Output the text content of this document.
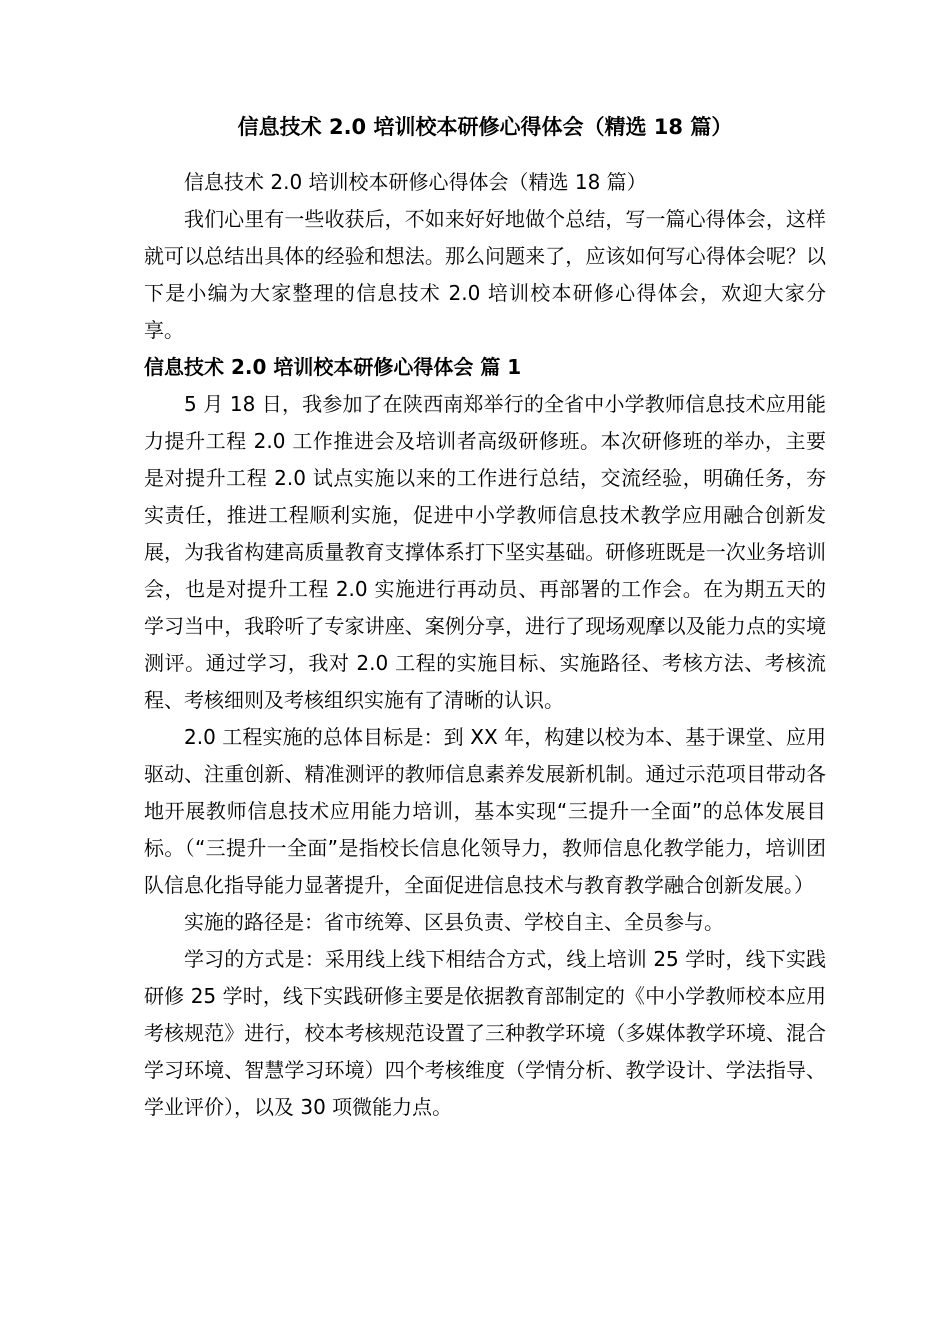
信息技术 2.0 培训校本研修心得体会（精选 18 篇）

信息技术 2.0 培训校本研修心得体会（精选 18 篇）

我们心里有一些收获后，不如来好好地做个总结，写一篇心得体会，这样就可以总结出具体的经验和想法。那么问题来了，应该如何写心得体会呢？以下是小编为大家整理的信息技术 2.0 培训校本研修心得体会，欢迎大家分享。

信息技术 2.0 培训校本研修心得体会 篇 1

5 月 18 日，我参加了在陕西南郑举行的全省中小学教师信息技术应用能力提升工程 2.0 工作推进会及培训者高级研修班。本次研修班的举办，主要是对提升工程 2.0 试点实施以来的工作进行总结，交流经验，明确任务，夯实责任，推进工程顺利实施，促进中小学教师信息技术教学应用融合创新发展，为我省构建高质量教育支撑体系打下坚实基础。研修班既是一次业务培训会，也是对提升工程 2.0 实施进行再动员、再部署的工作会。在为期五天的学习当中，我聆听了专家讲座、案例分享，进行了现场观摩以及能力点的实境测评。通过学习，我对 2.0 工程的实施目标、实施路径、考核方法、考核流程、考核细则及考核组织实施有了清晰的认识。

2.0 工程实施的总体目标是：到 XX 年，构建以校为本、基于课堂、应用驱动、注重创新、精准测评的教师信息素养发展新机制。通过示范项目带动各地开展教师信息技术应用能力培训，基本实现“三提升一全面”的总体发展目标。（“三提升一全面”是指校长信息化领导力，教师信息化教学能力，培训团队信息化指导能力显著提升，全面促进信息技术与教育教学融合创新发展。）

实施的路径是：省市统筹、区县负责、学校自主、全员参与。

学习的方式是：采用线上线下相结合方式，线上培训 25 学时，线下实践研修 25 学时，线下实践研修主要是依据教育部制定的《中小学教师校本应用考核规范》进行，校本考核规范设置了三种教学环境（多媒体教学环境、混合学习环境、智慧学习环境）四个考核维度（学情分析、教学设计、学法指导、学业评价），以及 30 项微能力点。
